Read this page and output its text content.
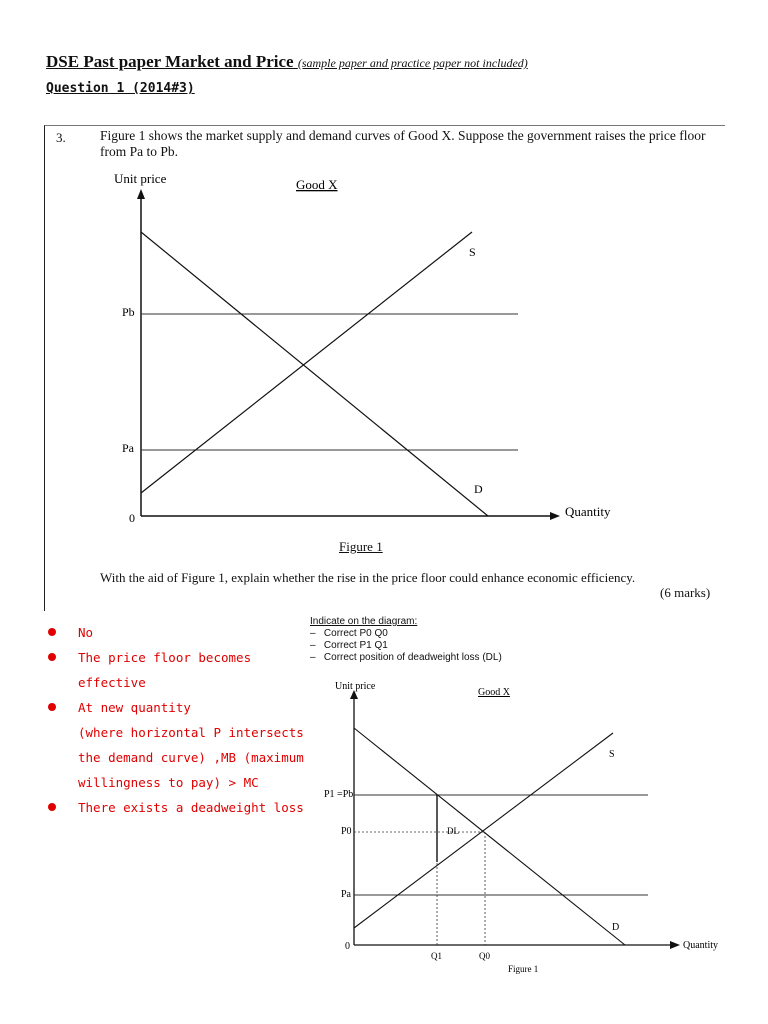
DSE Past paper Market and Price (sample paper and practice paper not included)
Question 1 (2014#3)
3.	Figure 1 shows the market supply and demand curves of Good X. Suppose the government raises the price floor from Pa to Pb.
Unit price	Good X
Pb
Pa
0
S
D
Quantity
Unit price
Good X
P1 =Pb
P0
Pa
0
DL
S
D
Q1	Q0
Quantity
Figure 1
Figure 1
With the aid of Figure 1, explain whether the rise in the price floor could enhance economic efficiency.
(6 marks)
No
The price floor becomes effective
At new quantity
(where horizontal P intersects
the demand curve) ,MB (maximum
willingness to pay) > MC
There exists a deadweight loss
Indicate on the diagram:
–   Correct P0 Q0
–   Correct P1 Q1
–   Correct position of deadweight loss (DL)
